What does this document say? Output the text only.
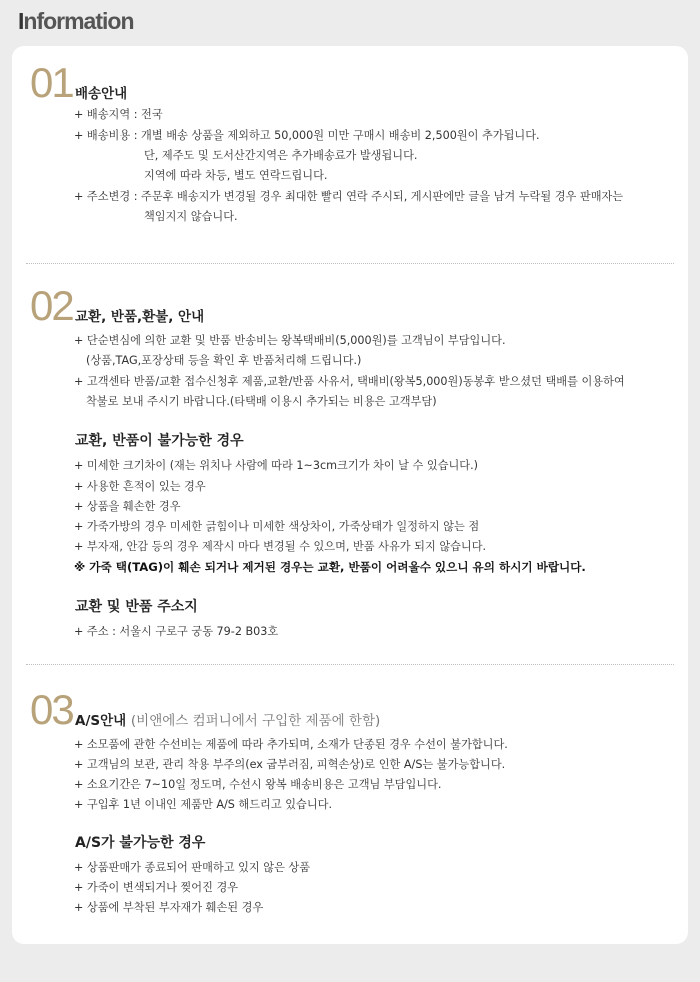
Information
01 배송안내
+ 배송지역 : 전국
+ 배송비용 : 개별 배송 상품을 제외하고 50,000원 미만 구매시 배송비 2,500원이 추가됩니다.
단, 제주도 및 도서산간지역은 추가배송료가 발생됩니다.
지역에 따라 차등, 별도 연락드립니다.
+ 주소변경 : 주문후 배송지가 변경될 경우 최대한 빨리 연락 주시되, 게시판에만 글을 남겨 누락될 경우 판매자는
책임지지 않습니다.
02 교환, 반품,환불, 안내
+ 단순변심에 의한 교환 및 반품 반송비는 왕복택배비(5,000원)를 고객님이 부담입니다.
(상품,TAG,포장상태 등을 확인 후 반품처리해 드립니다.)
+ 고객센타 반품/교환 접수신청후 제품,교환/반품 사유서, 택배비(왕복5,000원)동봉후 받으셨던 택배를 이용하여
착불로 보내 주시기 바랍니다.(타택배 이용시 추가되는 비용은 고객부담)
교환, 반품이 불가능한 경우
+ 미세한 크기차이 (재는 위치나 사람에 따라 1~3cm크기가 차이 날 수 있습니다.)
+ 사용한 흔적이 있는 경우
+ 상품을 훼손한 경우
+ 가죽가방의 경우 미세한 긁힘이나 미세한 색상차이, 가죽상태가 일정하지 않는 점
+ 부자재, 안감 등의 경우 제작시 마다 변경될 수 있으며, 반품 사유가 되지 않습니다.
※ 가죽 택(TAG)이 훼손 되거나 제거된 경우는 교환, 반품이 어려울수 있으니 유의 하시기 바랍니다.
교환 및 반품 주소지
+ 주소 : 서울시 구로구 궁동 79-2 B03호
03 A/S안내 (비앤에스 컴퍼니에서 구입한 제품에 한함)
+ 소모품에 관한 수선비는 제품에 따라 추가되며, 소재가 단종된 경우 수선이 불가합니다.
+ 고객님의 보관, 관리 착용 부주의(ex 굽부러짐, 피혁손상)로 인한 A/S는 불가능합니다.
+ 소요기간은 7~10일 정도며, 수선시 왕복 배송비용은 고객님 부담입니다.
+ 구입후 1년 이내인 제품만 A/S 해드리고 있습니다.
A/S가 불가능한 경우
+ 상품판매가 종료되어 판매하고 있지 않은 상품
+ 가죽이 변색되거나 찢어진 경우
+ 상품에 부착된 부자재가 훼손된 경우
